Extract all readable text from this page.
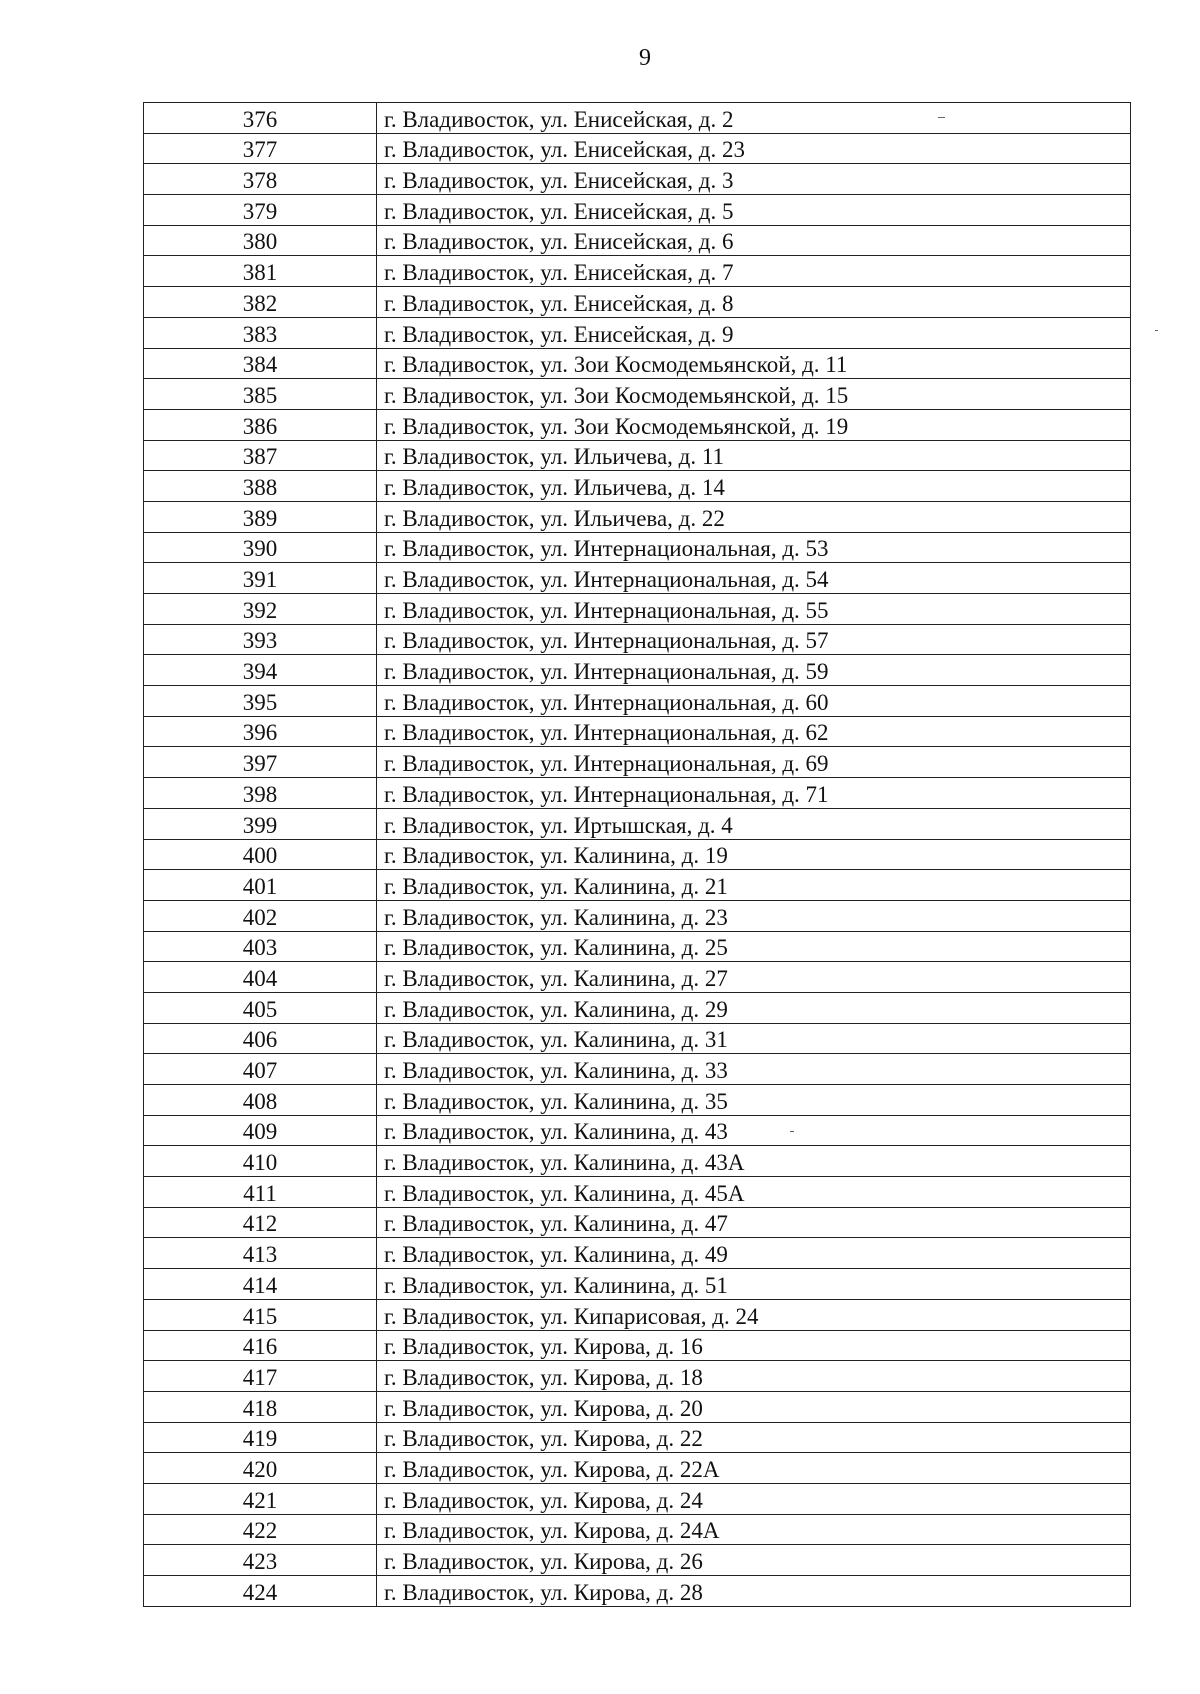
9
376	г. Владивосток, ул. Енисейская, д. 2
377	г. Владивосток, ул. Енисейская, д. 23
378	г. Владивосток, ул. Енисейская, д. 3
379	г. Владивосток, ул. Енисейская, д. 5
380	г. Владивосток, ул. Енисейская, д. 6
381	г. Владивосток, ул. Енисейская, д. 7
382	г. Владивосток, ул. Енисейская, д. 8
383	г. Владивосток, ул. Енисейская, д. 9
384	г. Владивосток, ул. Зои Космодемьянской, д. 11
385	г. Владивосток, ул. Зои Космодемьянской, д. 15
386	г. Владивосток, ул. Зои Космодемьянской, д. 19
387	г. Владивосток, ул. Ильичева, д. 11
388	г. Владивосток, ул. Ильичева, д. 14
389	г. Владивосток, ул. Ильичева, д. 22
390	г. Владивосток, ул. Интернациональная, д. 53
391	г. Владивосток, ул. Интернациональная, д. 54
392	г. Владивосток, ул. Интернациональная, д. 55
393	г. Владивосток, ул. Интернациональная, д. 57
394	г. Владивосток, ул. Интернациональная, д. 59
395	г. Владивосток, ул. Интернациональная, д. 60
396	г. Владивосток, ул. Интернациональная, д. 62
397	г. Владивосток, ул. Интернациональная, д. 69
398	г. Владивосток, ул. Интернациональная, д. 71
399	г. Владивосток, ул. Иртышская, д. 4
400	г. Владивосток, ул. Калинина, д. 19
401	г. Владивосток, ул. Калинина, д. 21
402	г. Владивосток, ул. Калинина, д. 23
403	г. Владивосток, ул. Калинина, д. 25
404	г. Владивосток, ул. Калинина, д. 27
405	г. Владивосток, ул. Калинина, д. 29
406	г. Владивосток, ул. Калинина, д. 31
407	г. Владивосток, ул. Калинина, д. 33
408	г. Владивосток, ул. Калинина, д. 35
409	г. Владивосток, ул. Калинина, д. 43
410	г. Владивосток, ул. Калинина, д. 43А
411	г. Владивосток, ул. Калинина, д. 45А
412	г. Владивосток, ул. Калинина, д. 47
413	г. Владивосток, ул. Калинина, д. 49
414	г. Владивосток, ул. Калинина, д. 51
415	г. Владивосток, ул. Кипарисовая, д. 24
416	г. Владивосток, ул. Кирова, д. 16
417	г. Владивосток, ул. Кирова, д. 18
418	г. Владивосток, ул. Кирова, д. 20
419	г. Владивосток, ул. Кирова, д. 22
420	г. Владивосток, ул. Кирова, д. 22А
421	г. Владивосток, ул. Кирова, д. 24
422	г. Владивосток, ул. Кирова, д. 24А
423	г. Владивосток, ул. Кирова, д. 26
424	г. Владивосток, ул. Кирова, д. 28
